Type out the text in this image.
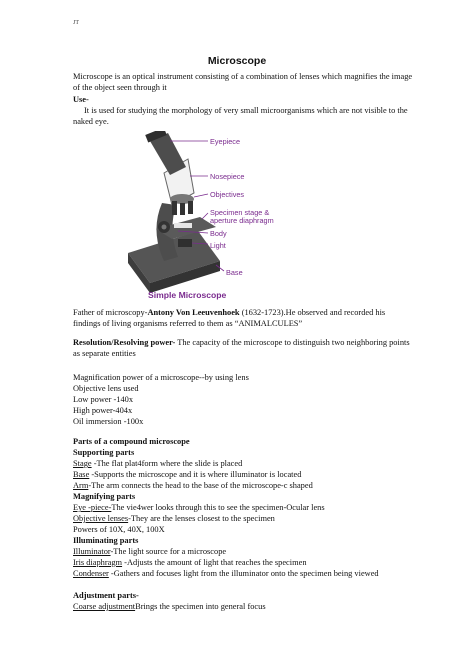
JT
Microscope
Microscope is an optical instrument consisting of a combination of lenses which magnifies the image of the object seen through it
Use-
It is used for studying the morphology of very small microorganisms which are not visible to the naked eye.
Eyepiece
Nosepiece
Objectives
Specimen stage &
aperture diaphragm
Body
Light
Base
Simple Microscope
Father of microscopy-Antony Von Leeuvenhoek (1632-1723).He observed and recorded his findings of living organisms referred to them as “ANIMALCULES”
Resolution/Resolving power- The capacity of the microscope to distinguish two neighboring points as separate entities
Magnification power of a microscope--by using lens
Objective lens used
Low power -140x
High power-404x
Oil immersion -100x
Parts of a compound microscope
Supporting parts
Stage -The flat plat4form where the slide is placed
Base -Supports the microscope and it is where illuminator is located
Arm-The arm connects the head to the base of the microscope-c shaped
Magnifying parts
Eye -piece-The vie4wer looks through this to see the specimen-Ocular lens
Objective lenses-They are the lenses closest to the specimen
Powers of 10X, 40X, 100X
Illuminating parts
Illuminator-The light source for a microscope
Iris diaphragm -Adjusts the amount of light that reaches the specimen
Condenser -Gathers and focuses light from the illuminator onto the specimen being viewed
Adjustment parts-
Coarse adjustmentBrings the specimen into general focus
